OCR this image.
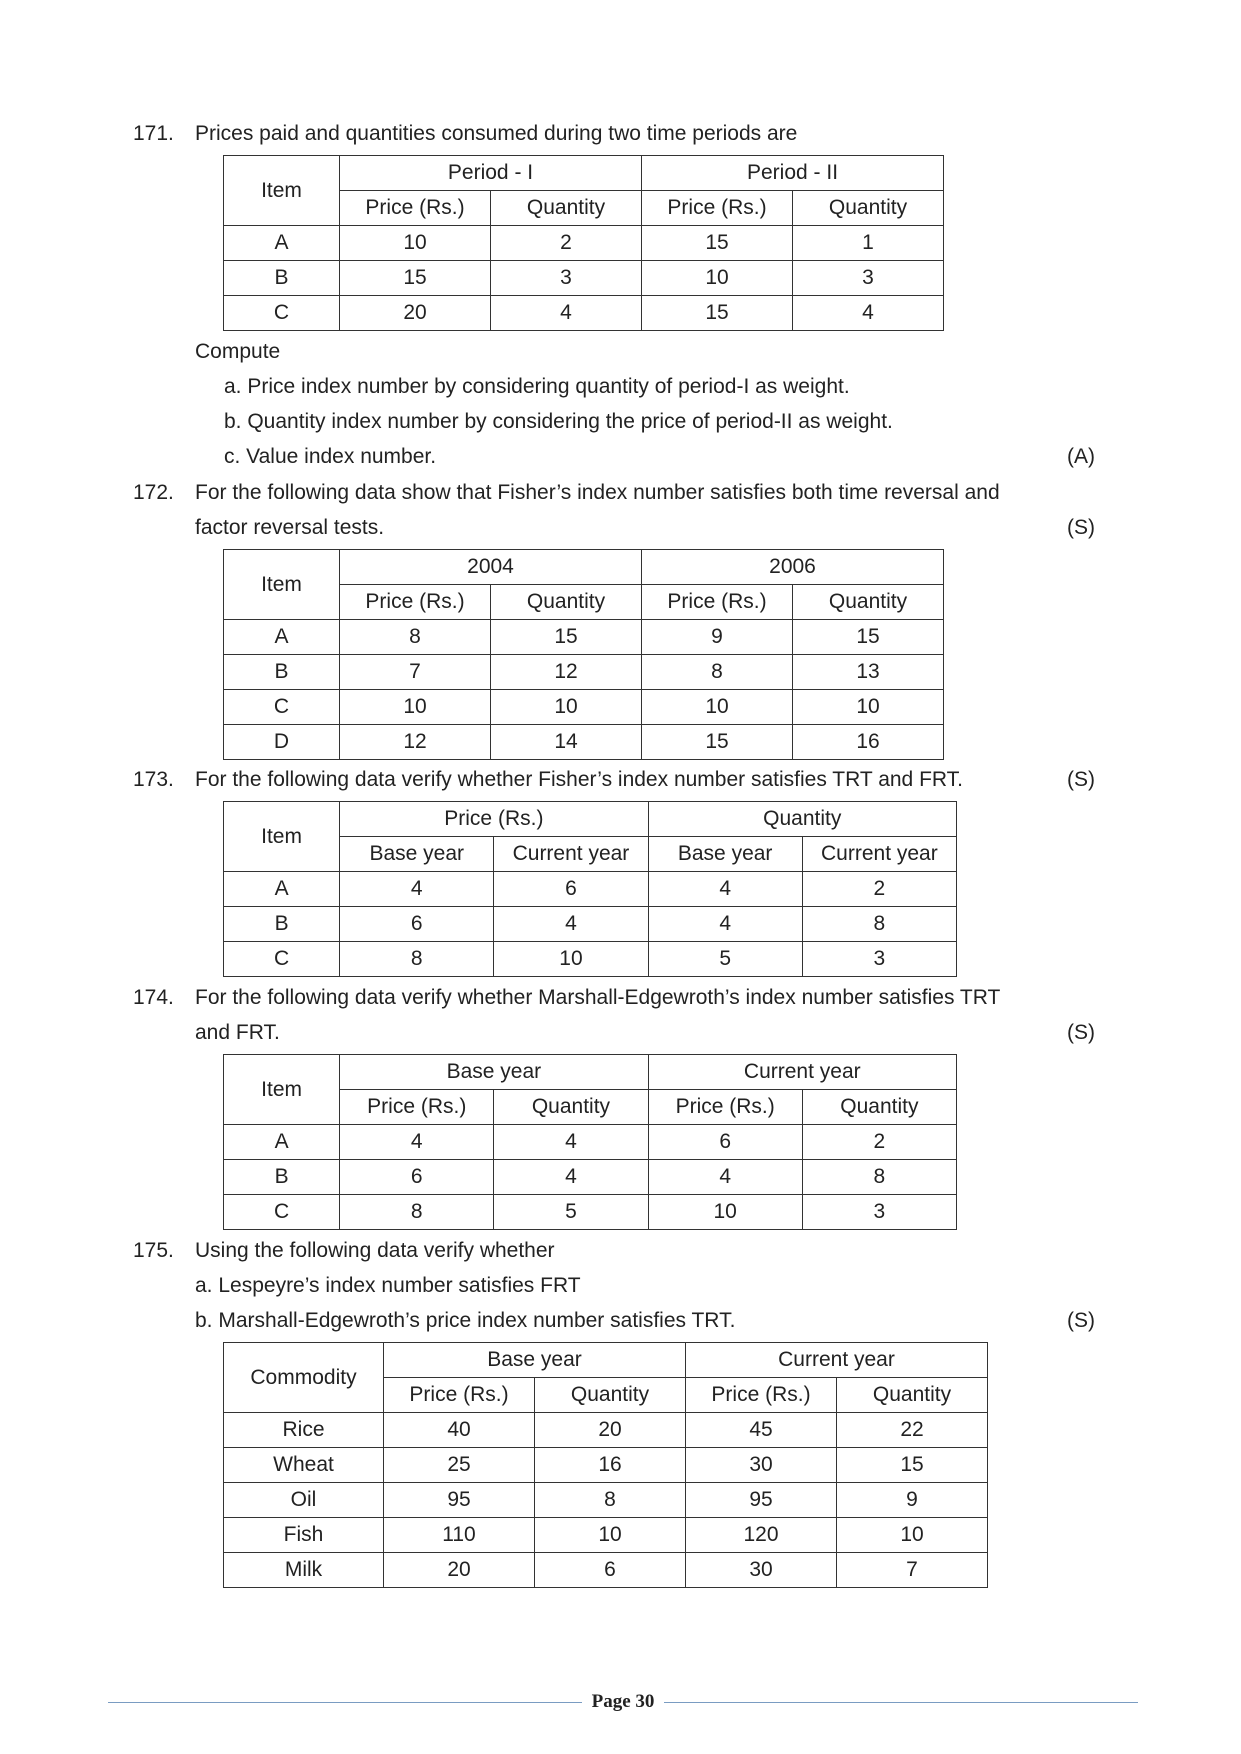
171. Prices paid and quantities consumed during two time periods are
Item	Period - I		Period - II	
	Price (Rs.)	Quantity	Price (Rs.)	Quantity
A	10	2	15	1
B	15	3	10	3
C	20	4	15	4
Compute
a. Price index number by considering quantity of period-I as weight.
b. Quantity index number by considering the price of period-II as weight.
c. Value index number.	(A)
172. For the following data show that Fisher’s index number satisfies both time reversal and
factor reversal tests.	(S)
Item	2004		2006	
	Price (Rs.)	Quantity	Price (Rs.)	Quantity
A	8	15	9	15
B	7	12	8	13
C	10	10	10	10
D	12	14	15	16
173. For the following data verify whether Fisher’s index number satisfies TRT and FRT.	(S)
Item	Price (Rs.)		Quantity	
	Base year	Current year	Base year	Current year
A	4	6	4	2
B	6	4	4	8
C	8	10	5	3
174. For the following data verify whether Marshall-Edgewroth’s index number satisfies TRT
and FRT.	(S)
Item	Base year		Current year	
	Price (Rs.)	Quantity	Price (Rs.)	Quantity
A	4	4	6	2
B	6	4	4	8
C	8	5	10	3
175. Using the following data verify whether
a. Lespeyre’s index number satisfies FRT
b. Marshall-Edgewroth’s price index number satisfies TRT.	(S)
Commodity	Base year		Current year	
	Price (Rs.)	Quantity	Price (Rs.)	Quantity
Rice	40	20	45	22
Wheat	25	16	30	15
Oil	95	8	95	9
Fish	110	10	120	10
Milk	20	6	30	7
Page 30
